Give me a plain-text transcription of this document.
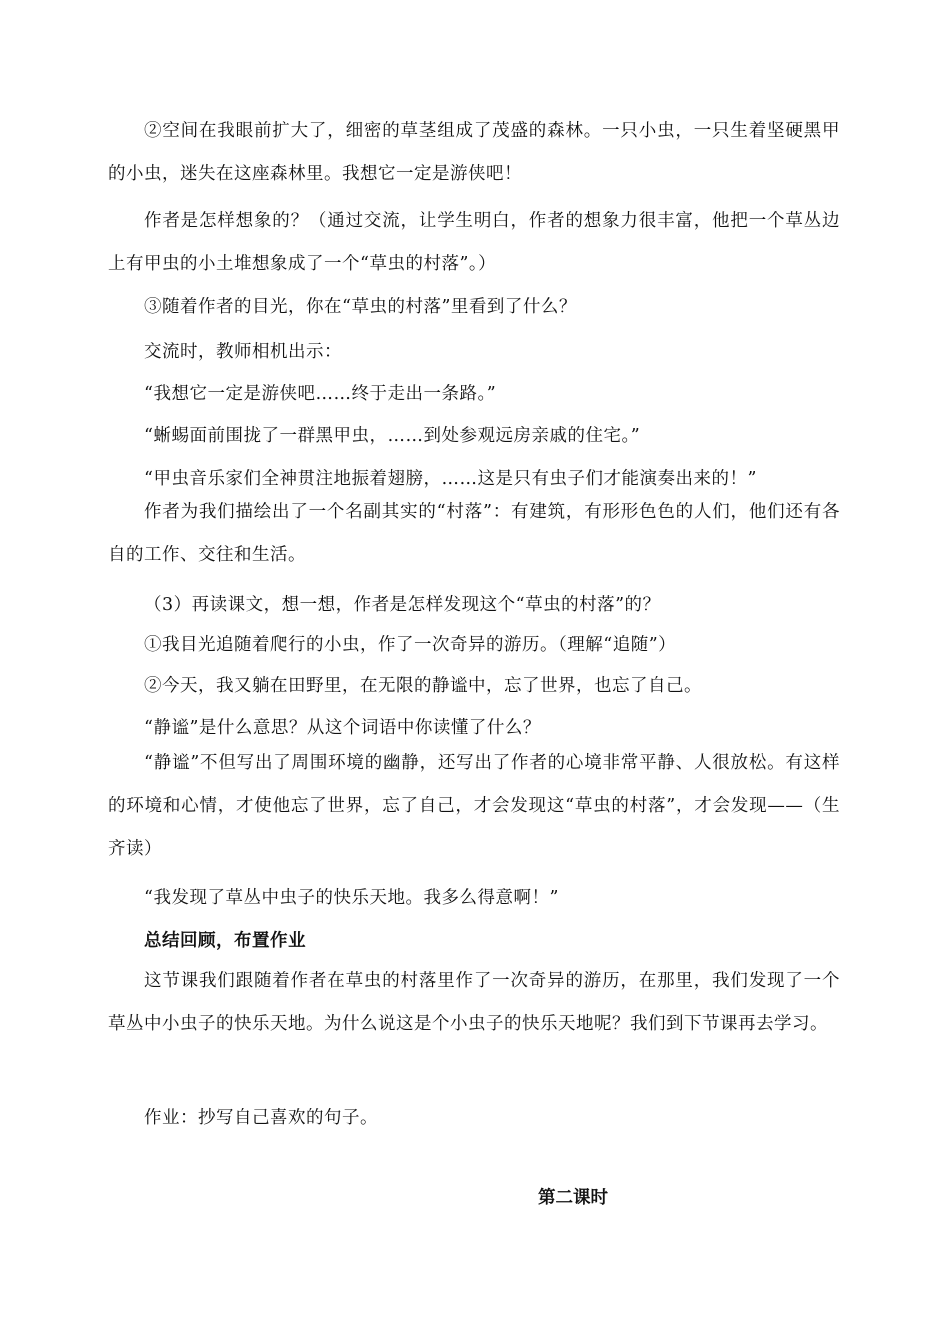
②空间在我眼前扩大了，细密的草茎组成了茂盛的森林。一只小虫，一只生着坚硬黑甲的小虫，迷失在这座森林里。我想它一定是游侠吧！

作者是怎样想象的？（通过交流，让学生明白，作者的想象力很丰富，他把一个草丛边上有甲虫的小土堆想象成了一个“草虫的村落”。）

③随着作者的目光，你在“草虫的村落”里看到了什么？

交流时，教师相机出示：

“我想它一定是游侠吧……终于走出一条路。”

“蜥蜴面前围拢了一群黑甲虫，……到处参观远房亲戚的住宅。”

“甲虫音乐家们全神贯注地振着翅膀，……这是只有虫子们才能演奏出来的！”

作者为我们描绘出了一个名副其实的“村落”：有建筑，有形形色色的人们，他们还有各自的工作、交往和生活。

（3）再读课文，想一想，作者是怎样发现这个“草虫的村落”的？

①我目光追随着爬行的小虫，作了一次奇异的游历。（理解“追随”）

②今天，我又躺在田野里，在无限的静谧中，忘了世界，也忘了自己。

“静谧”是什么意思？从这个词语中你读懂了什么？

“静谧”不但写出了周围环境的幽静，还写出了作者的心境非常平静、人很放松。有这样的环境和心情，才使他忘了世界，忘了自己，才会发现这“草虫的村落”，才会发现——（生齐读）

“我发现了草丛中虫子的快乐天地。我多么得意啊！”

总结回顾，布置作业

这节课我们跟随着作者在草虫的村落里作了一次奇异的游历，在那里，我们发现了一个草丛中小虫子的快乐天地。为什么说这是个小虫子的快乐天地呢？我们到下节课再去学习。

作业：抄写自己喜欢的句子。

第二课时
